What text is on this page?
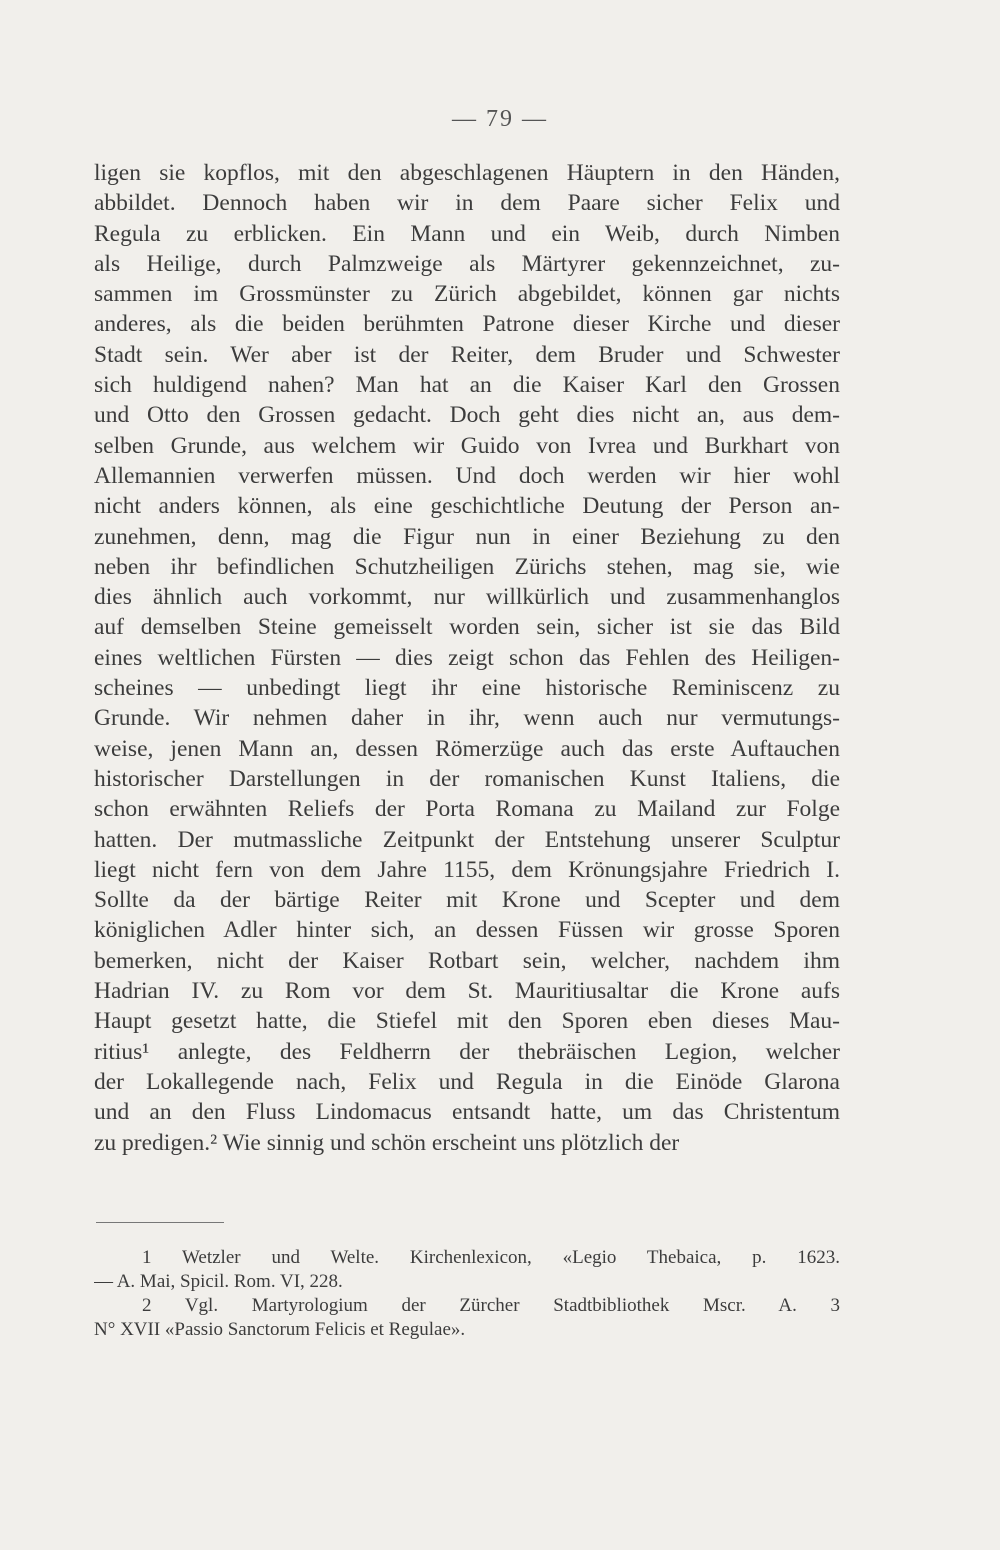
— 79 —
ligen sie kopflos, mit den abgeschlagenen Häuptern in den Händen,
abbildet. Dennoch haben wir in dem Paare sicher Felix und
Regula zu erblicken. Ein Mann und ein Weib, durch Nimben
als Heilige, durch Palmzweige als Märtyrer gekennzeichnet, zu-
sammen im Grossmünster zu Zürich abgebildet, können gar nichts
anderes, als die beiden berühmten Patrone dieser Kirche und dieser
Stadt sein. Wer aber ist der Reiter, dem Bruder und Schwester
sich huldigend nahen? Man hat an die Kaiser Karl den Grossen
und Otto den Grossen gedacht. Doch geht dies nicht an, aus dem-
selben Grunde, aus welchem wir Guido von Ivrea und Burkhart von
Allemannien verwerfen müssen. Und doch werden wir hier wohl
nicht anders können, als eine geschichtliche Deutung der Person an-
zunehmen, denn, mag die Figur nun in einer Beziehung zu den
neben ihr befindlichen Schutzheiligen Zürichs stehen, mag sie, wie
dies ähnlich auch vorkommt, nur willkürlich und zusammenhanglos
auf demselben Steine gemeisselt worden sein, sicher ist sie das Bild
eines weltlichen Fürsten — dies zeigt schon das Fehlen des Heiligen-
scheines — unbedingt liegt ihr eine historische Reminiscenz zu
Grunde. Wir nehmen daher in ihr, wenn auch nur vermutungs-
weise, jenen Mann an, dessen Römerzüge auch das erste Auftauchen
historischer Darstellungen in der romanischen Kunst Italiens, die
schon erwähnten Reliefs der Porta Romana zu Mailand zur Folge
hatten. Der mutmassliche Zeitpunkt der Entstehung unserer Sculptur
liegt nicht fern von dem Jahre 1155, dem Krönungsjahre Friedrich I.
Sollte da der bärtige Reiter mit Krone und Scepter und dem
königlichen Adler hinter sich, an dessen Füssen wir grosse Sporen
bemerken, nicht der Kaiser Rotbart sein, welcher, nachdem ihm
Hadrian IV. zu Rom vor dem St. Mauritiusaltar die Krone aufs
Haupt gesetzt hatte, die Stiefel mit den Sporen eben dieses Mau-
ritius¹ anlegte, des Feldherrn der thebräischen Legion, welcher
der Lokallegende nach, Felix und Regula in die Einöde Glarona
und an den Fluss Lindomacus entsandt hatte, um das Christentum
zu predigen.² Wie sinnig und schön erscheint uns plötzlich der
1 Wetzler und Welte. Kirchenlexicon, «Legio Thebaica, p. 1623.
— A. Mai, Spicil. Rom. VI, 228.
2 Vgl. Martyrologium der Zürcher Stadtbibliothek Mscr. A. 3
N° XVII «Passio Sanctorum Felicis et Regulae».
